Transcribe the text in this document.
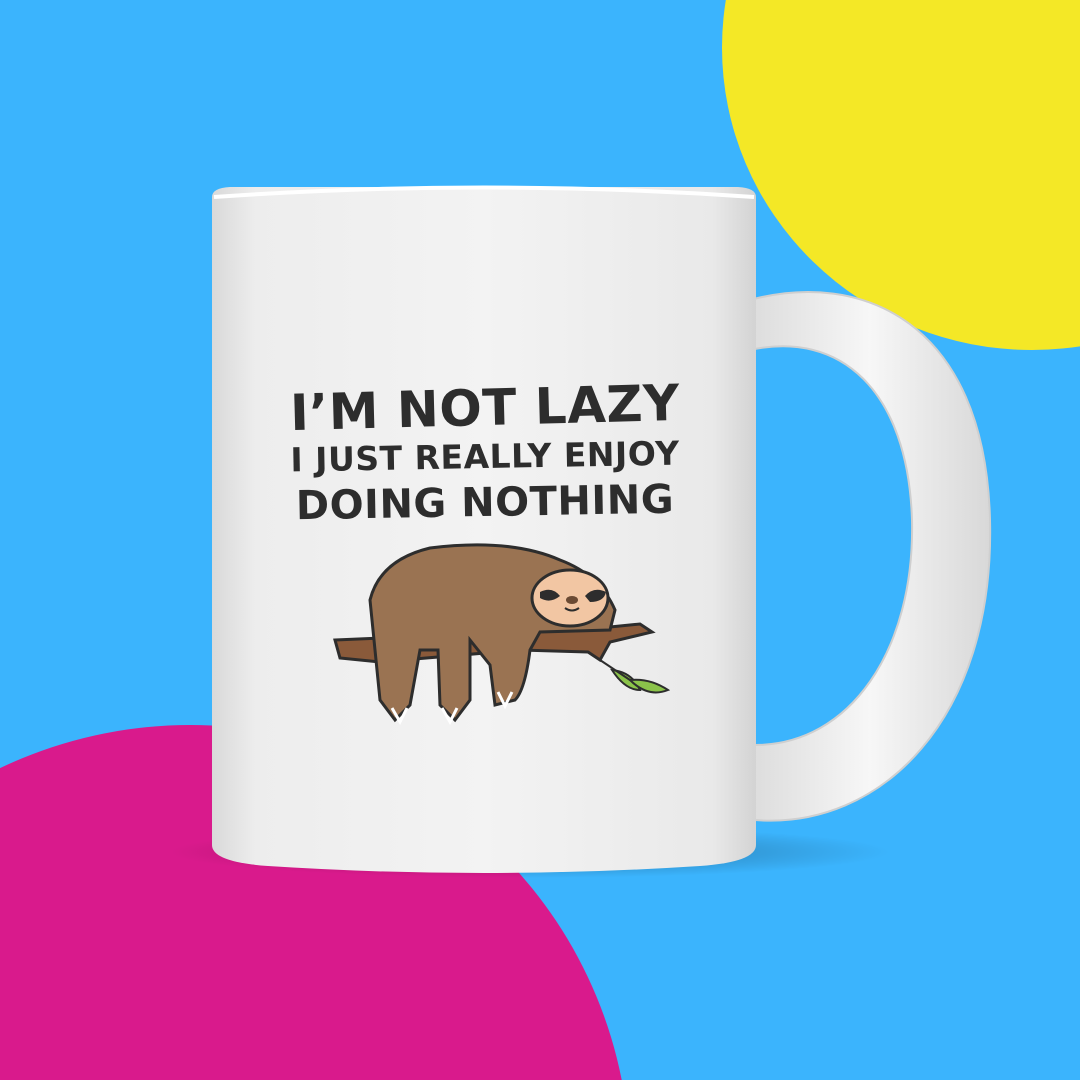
I’M NOT LAZY
I JUST REALLY ENJOY
DOING NOTHING
